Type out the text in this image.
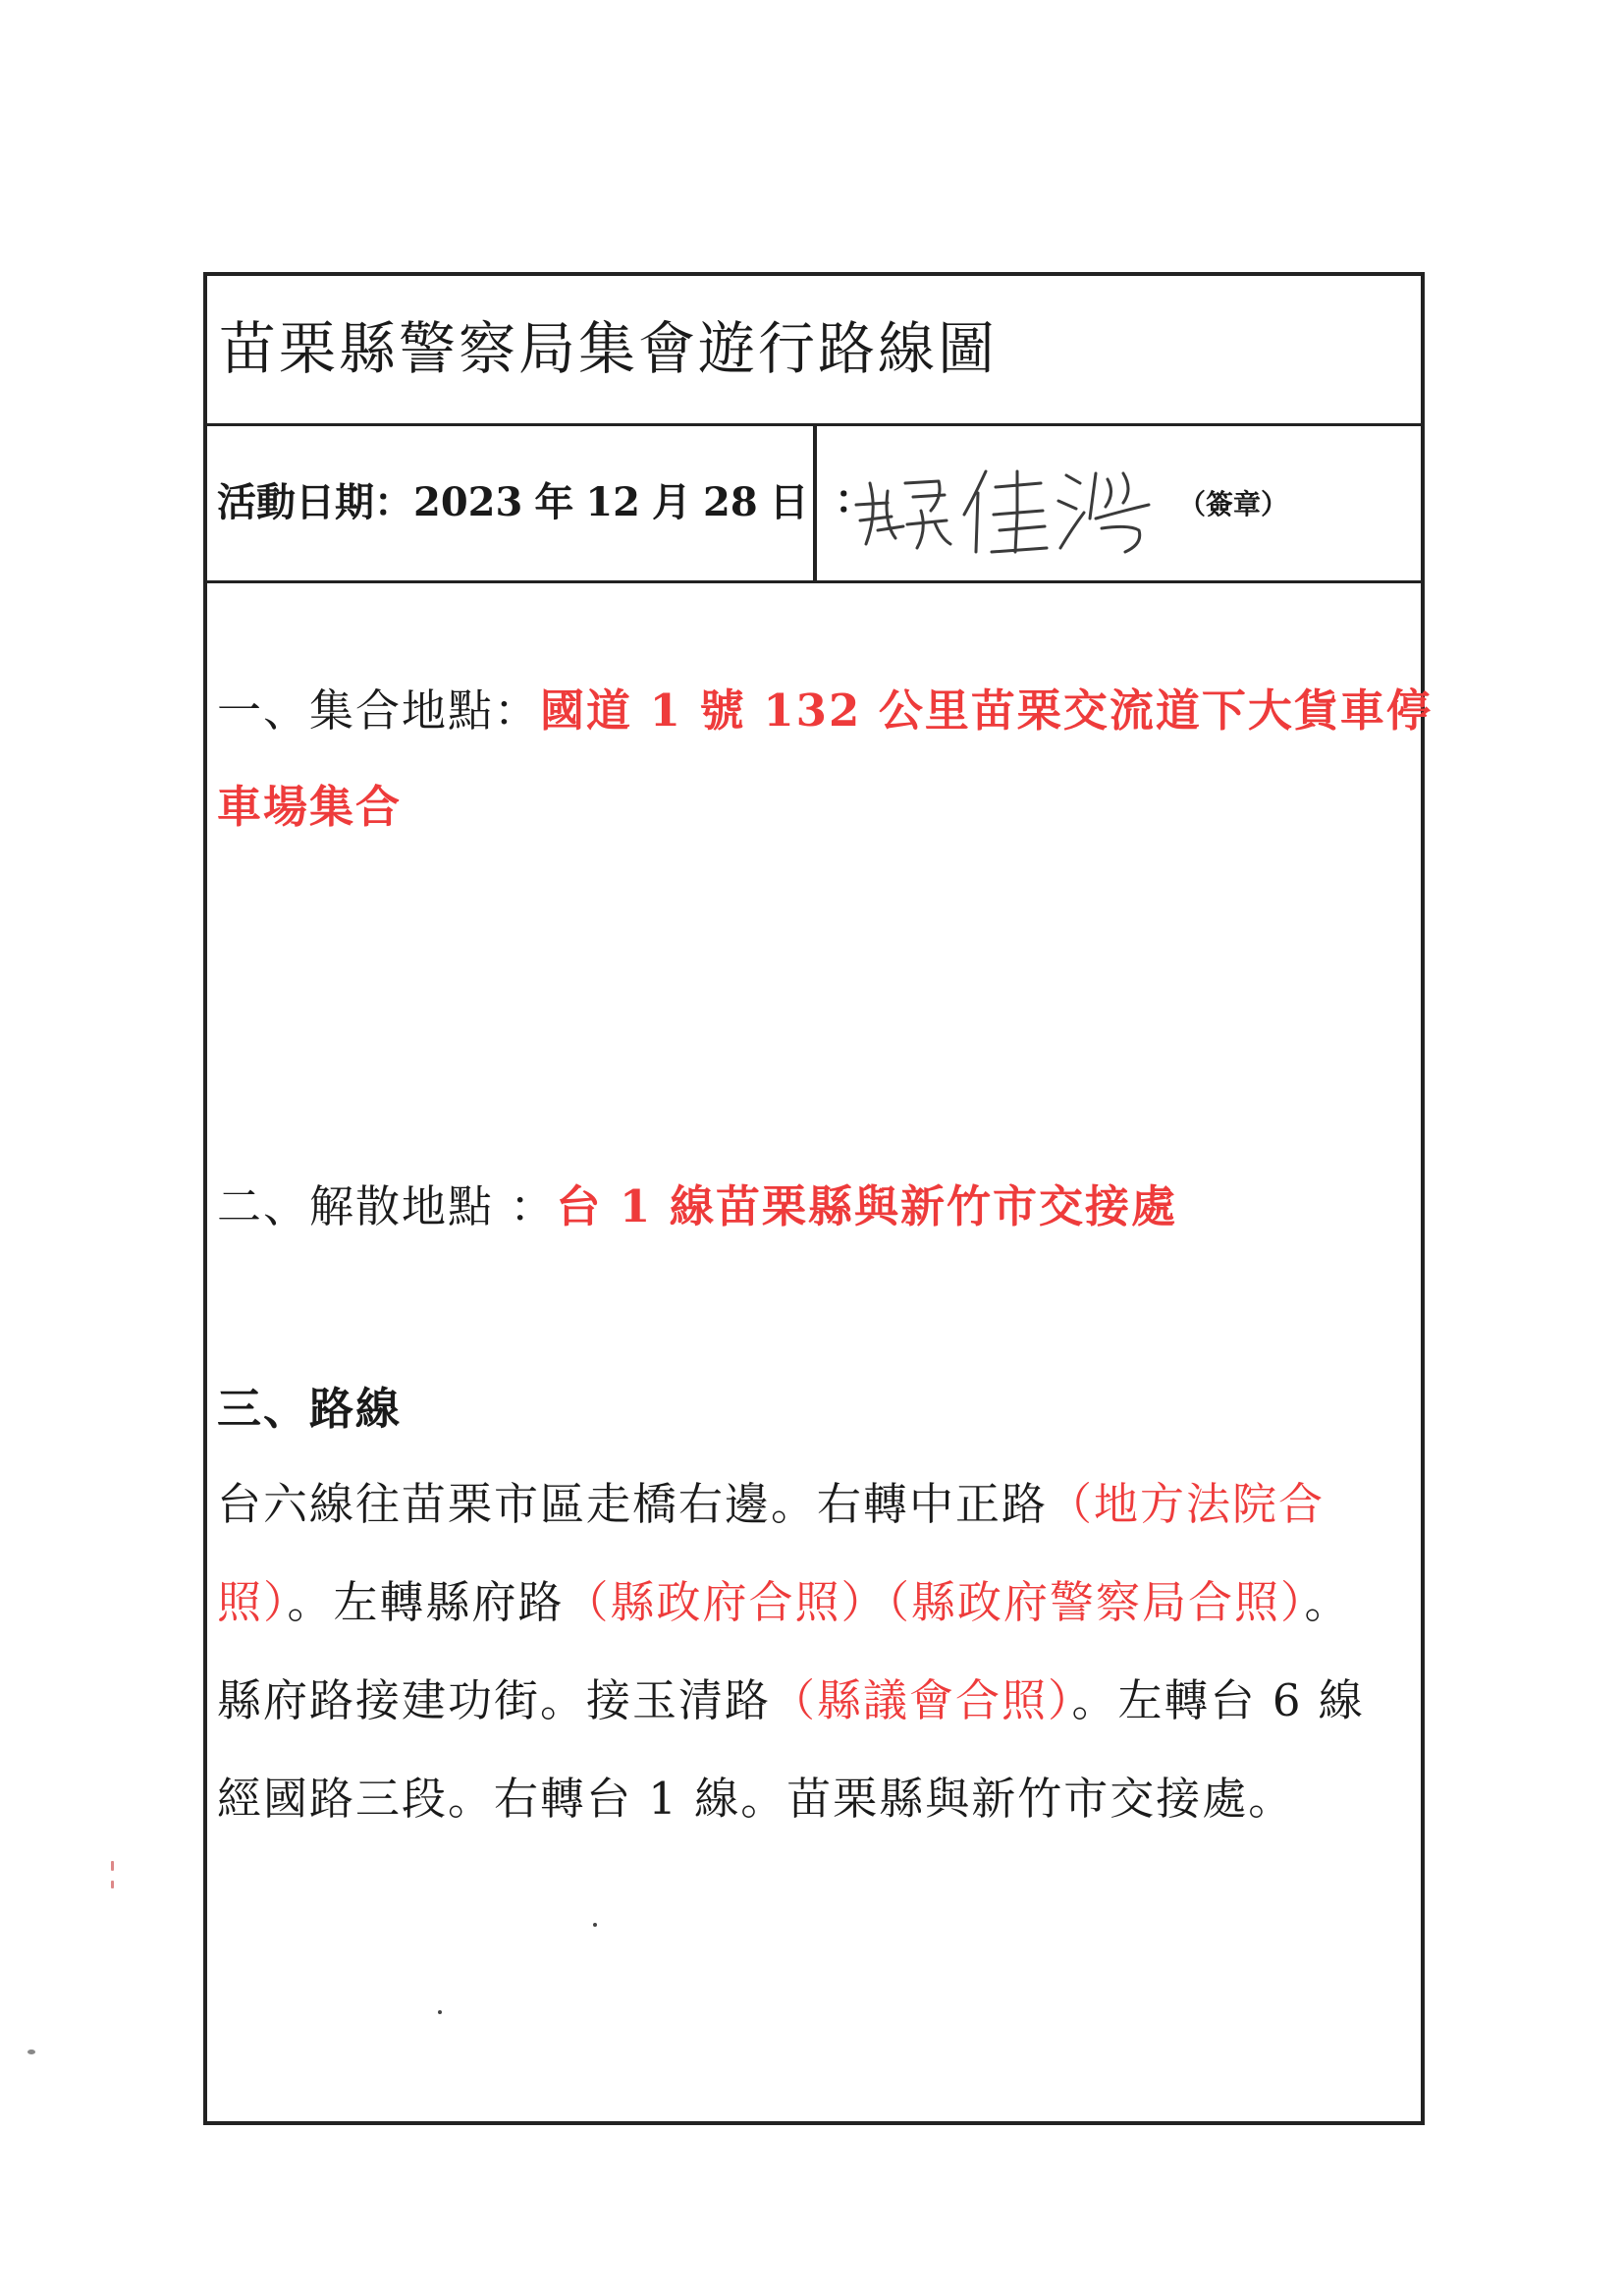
苗栗縣警察局集會遊行路線圖
活動日期：2023 年 12 月 28 日 ：	（簽章）
一、集合地點：國道 1 號 132 公里苗栗交流道下大貨車停
車場集合
二、解散地點 ：台 1 線苗栗縣與新竹市交接處
三、路線
台六線往苗栗市區走橋右邊。右轉中正路（地方法院合
照）。左轉縣府路（縣政府合照）（縣政府警察局合照）。
縣府路接建功街。接玉清路（縣議會合照）。左轉台 6 線
經國路三段。右轉台 1 線。苗栗縣與新竹市交接處。
